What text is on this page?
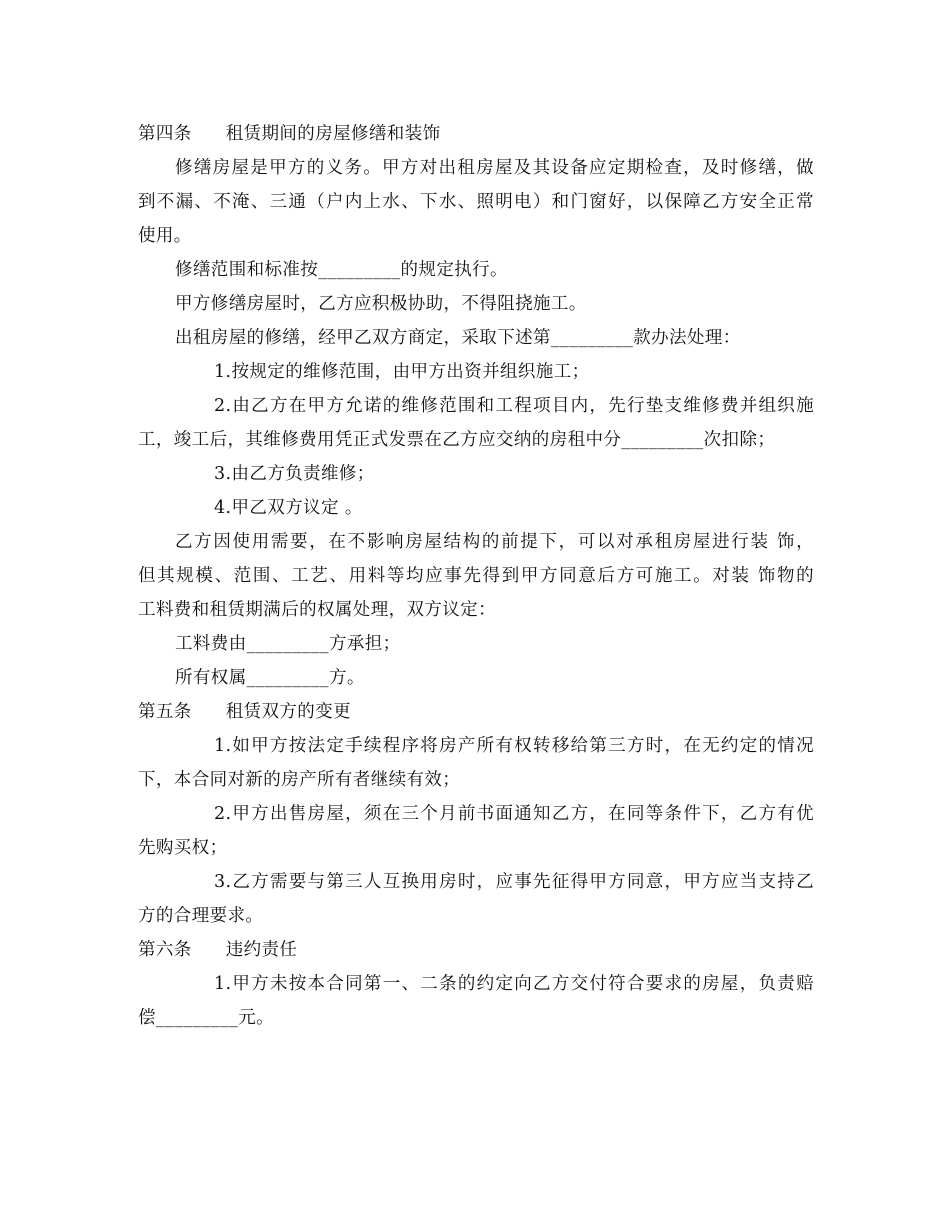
第四条 租赁期间的房屋修缮和装饰
修缮房屋是甲方的义务。甲方对出租房屋及其设备应定期检查，及时修缮，做
到不漏、不淹、三通（户内上水、下水、照明电）和门窗好，以保障乙方安全正常
使用。
修缮范围和标准按_________的规定执行。
甲方修缮房屋时，乙方应积极协助，不得阻挠施工。
出租房屋的修缮，经甲乙双方商定，采取下述第_________款办法处理：
1.按规定的维修范围，由甲方出资并组织施工；
2.由乙方在甲方允诺的维修范围和工程项目内，先行垫支维修费并组织施
工，竣工后，其维修费用凭正式发票在乙方应交纳的房租中分_________次扣除；
3.由乙方负责维修；
4.甲乙双方议定 。
乙方因使用需要，在不影响房屋结构的前提下，可以对承租房屋进行装 饰，
但其规模、范围、工艺、用料等均应事先得到甲方同意后方可施工。对装 饰物的
工料费和租赁期满后的权属处理，双方议定：
工料费由_________方承担；
所有权属_________方。
第五条 租赁双方的变更
1.如甲方按法定手续程序将房产所有权转移给第三方时，在无约定的情况
下，本合同对新的房产所有者继续有效；
2.甲方出售房屋，须在三个月前书面通知乙方，在同等条件下，乙方有优
先购买权；
3.乙方需要与第三人互换用房时，应事先征得甲方同意，甲方应当支持乙
方的合理要求。
第六条 违约责任
1.甲方未按本合同第一、二条的约定向乙方交付符合要求的房屋，负责赔
偿_________元。
